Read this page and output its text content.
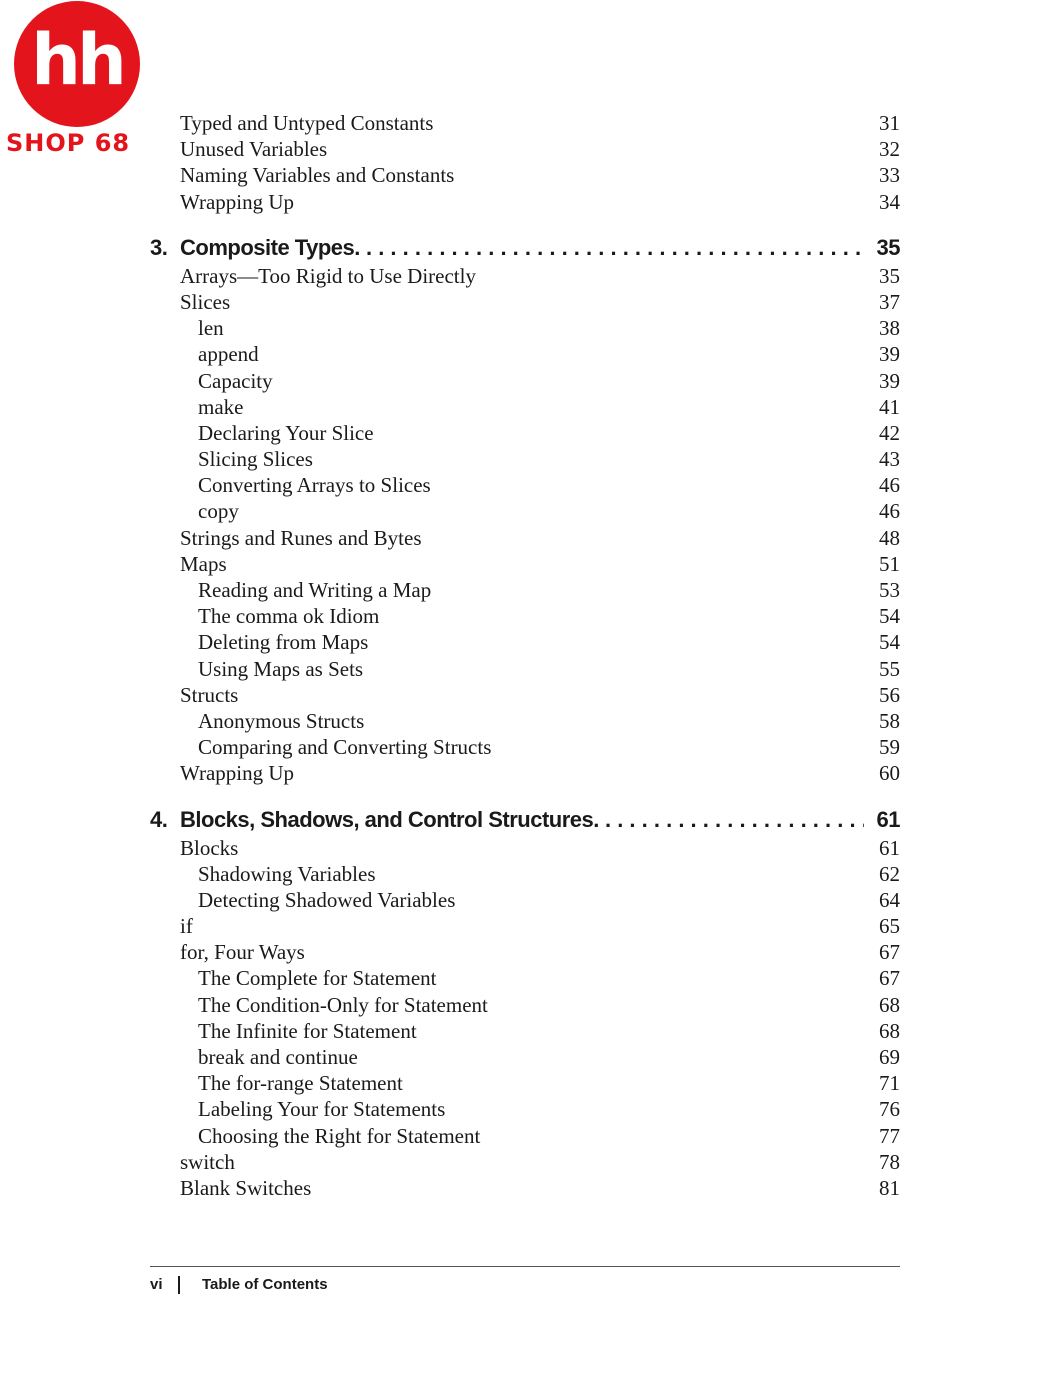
hh
SHOP 68
Typed and Untyped Constants	31
Unused Variables	32
Naming Variables and Constants	33
Wrapping Up	34
3. Composite Types. . . .	35
Arrays—Too Rigid to Use Directly	35
Slices	37
len	38
append	39
Capacity	39
make	41
Declaring Your Slice	42
Slicing Slices	43
Converting Arrays to Slices	46
copy	46
Strings and Runes and Bytes	48
Maps	51
Reading and Writing a Map	53
The comma ok Idiom	54
Deleting from Maps	54
Using Maps as Sets	55
Structs	56
Anonymous Structs	58
Comparing and Converting Structs	59
Wrapping Up	60
4. Blocks, Shadows, and Control Structures. . . .	61
Blocks	61
Shadowing Variables	62
Detecting Shadowed Variables	64
if	65
for, Four Ways	67
The Complete for Statement	67
The Condition-Only for Statement	68
The Infinite for Statement	68
break and continue	69
The for-range Statement	71
Labeling Your for Statements	76
Choosing the Right for Statement	77
switch	78
Blank Switches	81
vi	Table of Contents
